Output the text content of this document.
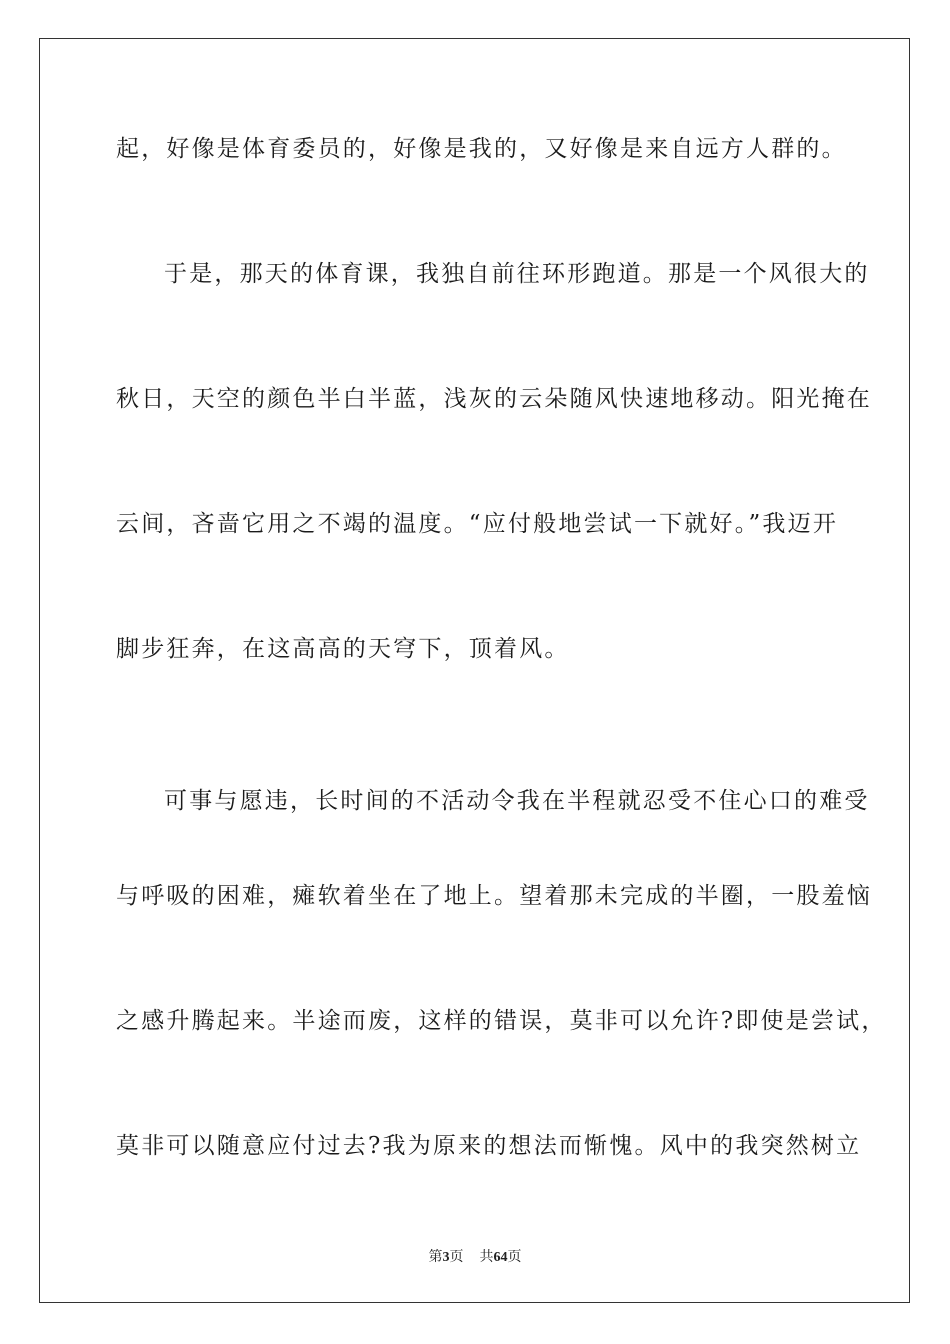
起，好像是体育委员的，好像是我的，又好像是来自远方人群的。
于是，那天的体育课，我独自前往环形跑道。那是一个风很大的
秋日，天空的颜色半白半蓝，浅灰的云朵随风快速地移动。阳光掩在
云间，吝啬它用之不竭的温度。“应付般地尝试一下就好。”我迈开
脚步狂奔，在这高高的天穹下，顶着风。
可事与愿违，长时间的不活动令我在半程就忍受不住心口的难受
与呼吸的困难，瘫软着坐在了地上。望着那未完成的半圈，一股羞恼
之感升腾起来。半途而废，这样的错误，莫非可以允许?即使是尝试，
莫非可以随意应付过去?我为原来的想法而惭愧。风中的我突然树立
第3页 共64页
